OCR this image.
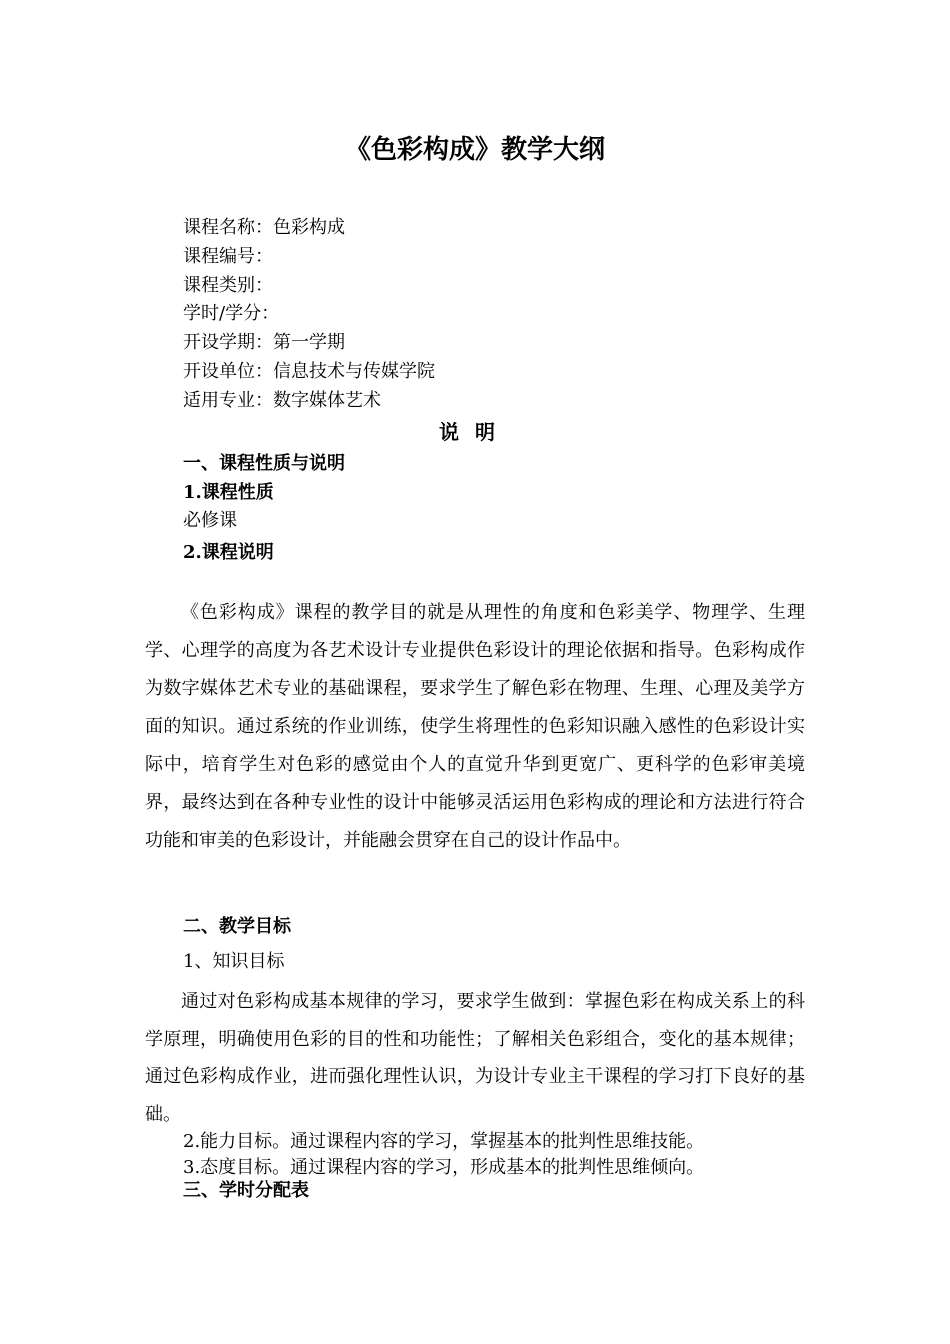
《色彩构成》教学大纲
课程名称：色彩构成
课程编号：
课程类别：
学时/学分：
开设学期：第一学期
开设单位：信息技术与传媒学院
适用专业：数字媒体艺术
说明
一、课程性质与说明
1.课程性质
必修课
2.课程说明
《色彩构成》课程的教学目的就是从理性的角度和色彩美学、物理学、生理学、心理学的高度为各艺术设计专业提供色彩设计的理论依据和指导。色彩构成作为数字媒体艺术专业的基础课程，要求学生了解色彩在物理、生理、心理及美学方面的知识。通过系统的作业训练，使学生将理性的色彩知识融入感性的色彩设计实际中，培育学生对色彩的感觉由个人的直觉升华到更宽广、更科学的色彩审美境界，最终达到在各种专业性的设计中能够灵活运用色彩构成的理论和方法进行符合功能和审美的色彩设计，并能融会贯穿在自己的设计作品中。
二、教学目标
1、知识目标
通过对色彩构成基本规律的学习，要求学生做到：掌握色彩在构成关系上的科学原理，明确使用色彩的目的性和功能性；了解相关色彩组合，变化的基本规律；通过色彩构成作业，进而强化理性认识，为设计专业主干课程的学习打下良好的基础。
2.能力目标。通过课程内容的学习，掌握基本的批判性思维技能。
3.态度目标。通过课程内容的学习，形成基本的批判性思维倾向。
三、学时分配表
